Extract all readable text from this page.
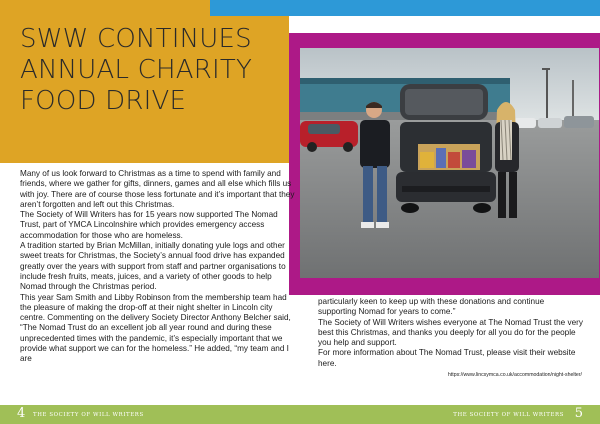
SWW CONTINUES ANNUAL CHARITY FOOD DRIVE

Many of us look forward to Christmas as a time to spend with family and friends, where we gather for gifts, dinners, games and all else which fills us with joy. There are of course those less fortunate and it’s important that they aren’t forgotten and left out this Christmas.

The Society of Will Writers has for 15 years now supported The Nomad Trust, part of YMCA Lincolnshire which provides emergency access accommodation for those who are homeless.

A tradition started by Brian McMillan, initially donating yule logs and other sweet treats for Christmas, the Society’s annual food drive has expanded greatly over the years with support from staff and partner organisations to include fresh fruits, meats, juices, and a variety of other goods to help Nomad through the Christmas period.

This year Sam Smith and Libby Robinson from the membership team had the pleasure of making the drop-off at their night shelter in Lincoln city centre. Commenting on the delivery Society Director Anthony Belcher said, “The Nomad Trust do an excellent job all year round and during these unprecedented times with the pandemic, it’s especially important that we provide what support we can for the homeless.” He added, “my team and I are

particularly keen to keep up with these donations and continue supporting Nomad for years to come.”

The Society of Will Writers wishes everyone at The Nomad Trust the very best this Christmas, and thanks you deeply for all you do for the people you help and support.

For more information about The Nomad Trust, please visit their website here.

https://www.lincsymca.co.uk/accommodation/night-shelter/
4 THE SOCIETY OF WILL WRITERS	THE SOCIETY OF WILL WRITERS 5
